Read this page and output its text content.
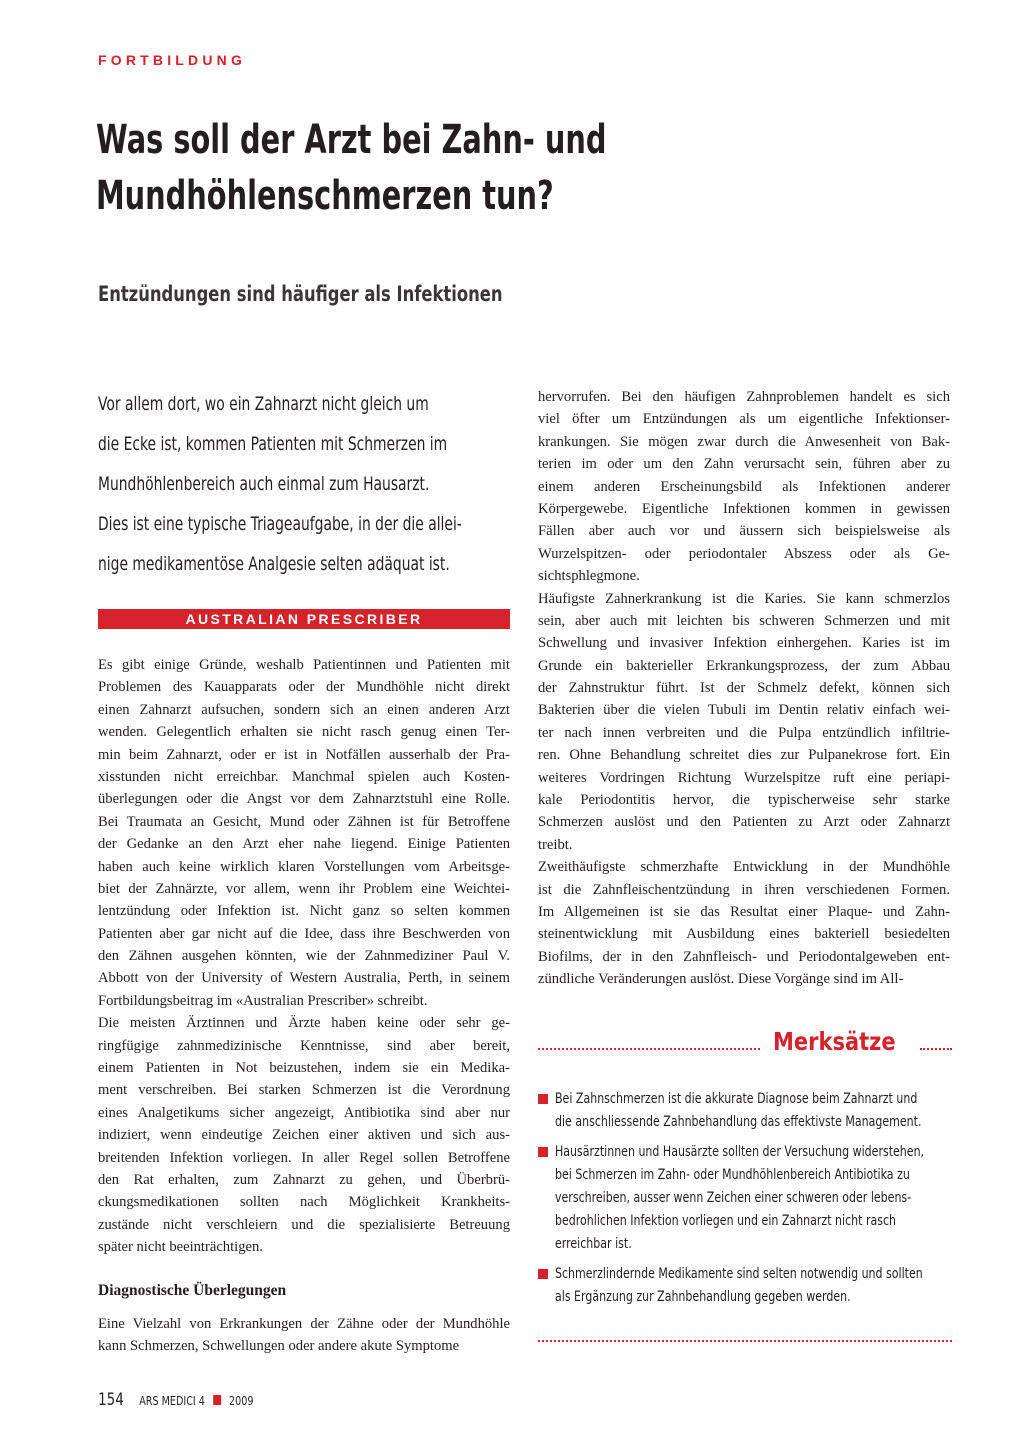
FORTBILDUNG
Was soll der Arzt bei Zahn- und
Mundhöhlenschmerzen tun?
Entzündungen sind häufiger als Infektionen

Vor allem dort, wo ein Zahnarzt nicht gleich um
die Ecke ist, kommen Patienten mit Schmerzen im
Mundhöhlenbereich auch einmal zum Hausarzt.
Dies ist eine typische Triageaufgabe, in der die allei-
nige medikamentöse Analgesie selten adäquat ist.

AUSTRALIAN PRESCRIBER
Es gibt einige Gründe, weshalb Patientinnen und Patienten mit
Problemen des Kauapparats oder der Mundhöhle nicht direkt
einen Zahnarzt aufsuchen, sondern sich an einen anderen Arzt
wenden. Gelegentlich erhalten sie nicht rasch genug einen Ter-
min beim Zahnarzt, oder er ist in Notfällen ausserhalb der Pra-
xisstunden nicht erreichbar. Manchmal spielen auch Kosten-
überlegungen oder die Angst vor dem Zahnarztstuhl eine Rolle.
Bei Traumata an Gesicht, Mund oder Zähnen ist für Betroffene
der Gedanke an den Arzt eher nahe liegend. Einige Patienten
haben auch keine wirklich klaren Vorstellungen vom Arbeitsge-
biet der Zahnärzte, vor allem, wenn ihr Problem eine Weichtei-
lentzündung oder Infektion ist. Nicht ganz so selten kommen
Patienten aber gar nicht auf die Idee, dass ihre Beschwerden von
den Zähnen ausgehen könnten, wie der Zahnmediziner Paul V.
Abbott von der University of Western Australia, Perth, in seinem
Fortbildungsbeitrag im «Australian Prescriber» schreibt.
Die meisten Ärztinnen und Ärzte haben keine oder sehr ge-
ringfügige zahnmedizinische Kenntnisse, sind aber bereit,
einem Patienten in Not beizustehen, indem sie ein Medika-
ment verschreiben. Bei starken Schmerzen ist die Verordnung
eines Analgetikums sicher angezeigt, Antibiotika sind aber nur
indiziert, wenn eindeutige Zeichen einer aktiven und sich aus-
breitenden Infektion vorliegen. In aller Regel sollen Betroffene
den Rat erhalten, zum Zahnarzt zu gehen, und Überbrü-
ckungsmedikationen sollten nach Möglichkeit Krankheits-
zustände nicht verschleiern und die spezialisierte Betreuung
später nicht beeinträchtigen.
Diagnostische Überlegungen
Eine Vielzahl von Erkrankungen der Zähne oder der Mundhöhle
kann Schmerzen, Schwellungen oder andere akute Symptome
hervorrufen. Bei den häufigen Zahnproblemen handelt es sich
viel öfter um Entzündungen als um eigentliche Infektionser-
krankungen. Sie mögen zwar durch die Anwesenheit von Bak-
terien im oder um den Zahn verursacht sein, führen aber zu
einem anderen Erscheinungsbild als Infektionen anderer
Körpergewebe. Eigentliche Infektionen kommen in gewissen
Fällen aber auch vor und äussern sich beispielsweise als
Wurzelspitzen- oder periodontaler Abszess oder als Ge-
sichtsphlegmone.
Häufigste Zahnerkrankung ist die Karies. Sie kann schmerzlos
sein, aber auch mit leichten bis schweren Schmerzen und mit
Schwellung und invasiver Infektion einhergehen. Karies ist im
Grunde ein bakterieller Erkrankungsprozess, der zum Abbau
der Zahnstruktur führt. Ist der Schmelz defekt, können sich
Bakterien über die vielen Tubuli im Dentin relativ einfach wei-
ter nach innen verbreiten und die Pulpa entzündlich infiltrie-
ren. Ohne Behandlung schreitet dies zur Pulpanekrose fort. Ein
weiteres Vordringen Richtung Wurzelspitze ruft eine periapi-
kale Periodontitis hervor, die typischerweise sehr starke
Schmerzen auslöst und den Patienten zu Arzt oder Zahnarzt
treibt.
Zweithäufigste schmerzhafte Entwicklung in der Mundhöhle
ist die Zahnfleischentzündung in ihren verschiedenen Formen.
Im Allgemeinen ist sie das Resultat einer Plaque- und Zahn-
steinentwicklung mit Ausbildung eines bakteriell besiedelten
Biofilms, der in den Zahnfleisch- und Periodontalgeweben ent-
zündliche Veränderungen auslöst. Diese Vorgänge sind im All-
Merksätze
Bei Zahnschmerzen ist die akkurate Diagnose beim Zahnarzt und
die anschliessende Zahnbehandlung das effektivste Management.
Hausärztinnen und Hausärzte sollten der Versuchung widerstehen,
bei Schmerzen im Zahn- oder Mundhöhlenbereich Antibiotika zu
verschreiben, ausser wenn Zeichen einer schweren oder lebens-
bedrohlichen Infektion vorliegen und ein Zahnarzt nicht rasch
erreichbar ist.
Schmerzlindernde Medikamente sind selten notwendig und sollten
als Ergänzung zur Zahnbehandlung gegeben werden.
154 ARS MEDICI 4 2009
